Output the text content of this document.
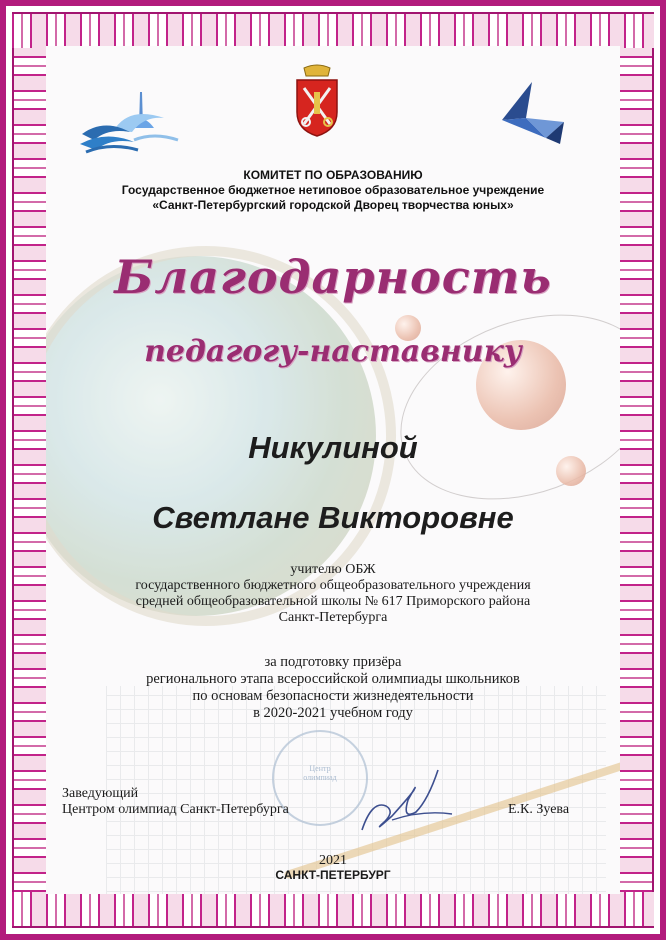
КОМИТЕТ ПО ОБРАЗОВАНИЮ
Государственное бюджетное нетиповое образовательное учреждение
«Санкт-Петербургский городской Дворец творчества юных»
Благодарность
педагогу-наставнику
Никулиной
Светлане Викторовне
учителю ОБЖ
государственного бюджетного общеобразовательного учреждения
средней общеобразовательной школы № 617 Приморского района
Санкт-Петербурга
за подготовку призёра
регионального этапа всероссийской олимпиады школьников
по основам безопасности жизнедеятельности
в 2020-2021 учебном году
Центр
олимпиад
Заведующий
Центром олимпиад Санкт-Петербурга	Е.К. Зуева
2021
САНКТ-ПЕТЕРБУРГ
